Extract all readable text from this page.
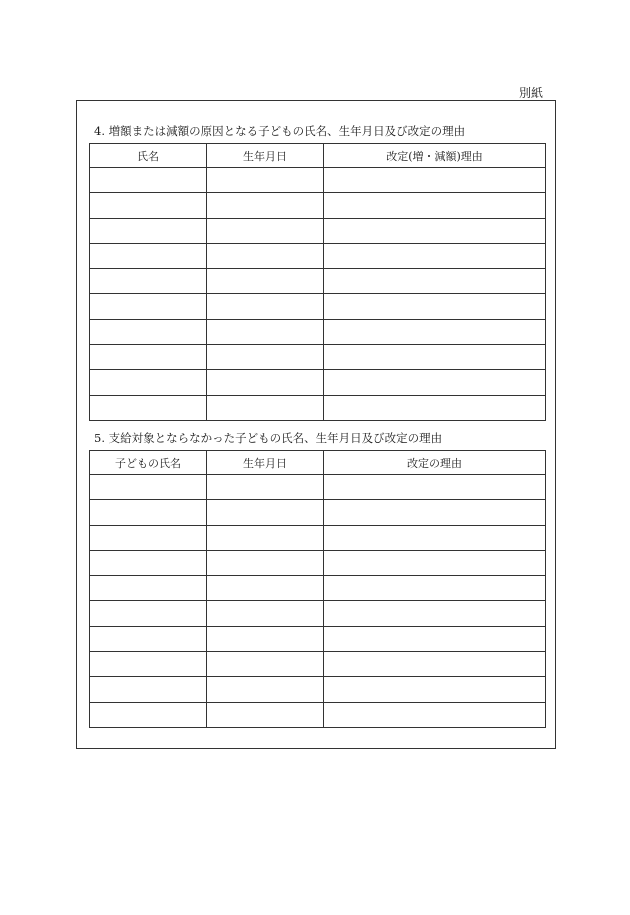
別紙
4. 増額または減額の原因となる子どもの氏名、生年月日及び改定の理由
氏名	生年月日	改定(増・減額)理由

5. 支給対象とならなかった子どもの氏名、生年月日及び改定の理由
子どもの氏名	生年月日	改定の理由
